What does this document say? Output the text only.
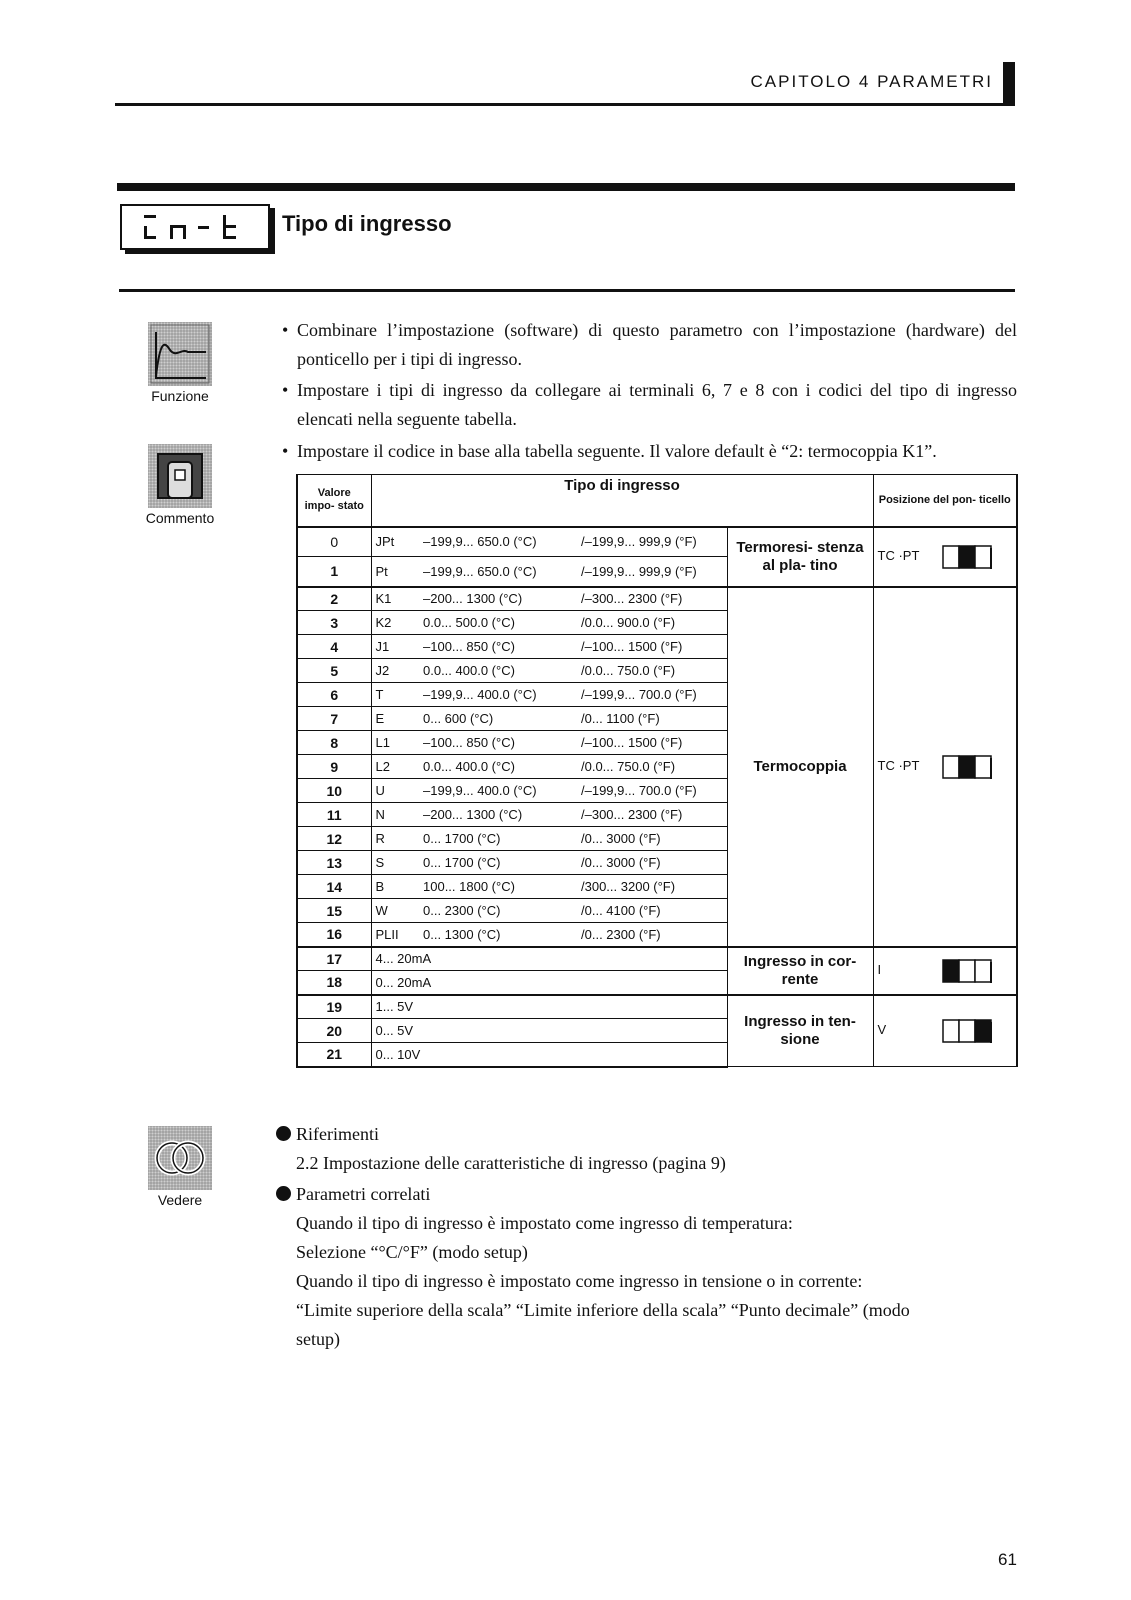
CAPITOLO 4 PARAMETRI
Tipo di ingresso
Funzione
Commento
Vedere
• Combinare l’impostazione (software) di questo parametro con l’impostazione (hardware) del ponticello per i tipi di ingresso.
• Impostare i tipi di ingresso da collegare ai terminali 6, 7 e 8 con i codici del tipo di ingresso elencati nella seguente tabella.
• Impostare il codice in base alla tabella seguente. Il valore default è “2: termocoppia K1”.
Valore impo- stato	Tipo di ingresso				Posizione del pon- ticello
0	JPt	–199,9... 650.0 (°C)	/–199,9... 999,9 (°F)	Termoresi- stenza al pla- tino	TC ·PT
1	Pt	–199,9... 650.0 (°C)	/–199,9... 999,9 (°F)		
2	K1	–200... 1300 (°C)	/–300... 2300 (°F)	Termocoppia	TC ·PT
3	K2	0.0... 500.0 (°C)	/0.0... 900.0 (°F)		
4	J1	–100... 850 (°C)	/–100... 1500 (°F)		
5	J2	0.0... 400.0 (°C)	/0.0... 750.0 (°F)		
6	T	–199,9... 400.0 (°C)	/–199,9... 700.0 (°F)		
7	E	0... 600 (°C)	/0... 1100 (°F)		
8	L1	–100... 850 (°C)	/–100... 1500 (°F)		
9	L2	0.0... 400.0 (°C)	/0.0... 750.0 (°F)		
10	U	–199,9... 400.0 (°C)	/–199,9... 700.0 (°F)		
11	N	–200... 1300 (°C)	/–300... 2300 (°F)		
12	R	0... 1700 (°C)	/0... 3000 (°F)		
13	S	0... 1700 (°C)	/0... 3000 (°F)		
14	B	100... 1800 (°C)	/300... 3200 (°F)		
15	W	0... 2300 (°C)	/0... 4100 (°F)		
16	PLII	0... 1300 (°C)	/0... 2300 (°F)		
17	4... 20mA			Ingresso in cor- rente	I
18	0... 20mA				
19	1... 5V			Ingresso in ten- sione	V
20	0... 5V				
21	0... 10V				
Riferimenti
2.2 Impostazione delle caratteristiche di ingresso (pagina 9)
Parametri correlati
Quando il tipo di ingresso è impostato come ingresso di temperatura:
Selezione “°C/°F” (modo setup)
Quando il tipo di ingresso è impostato come ingresso in tensione o in corrente:
“Limite superiore della scala” “Limite inferiore della scala” “Punto decimale” (modo
setup)
61
